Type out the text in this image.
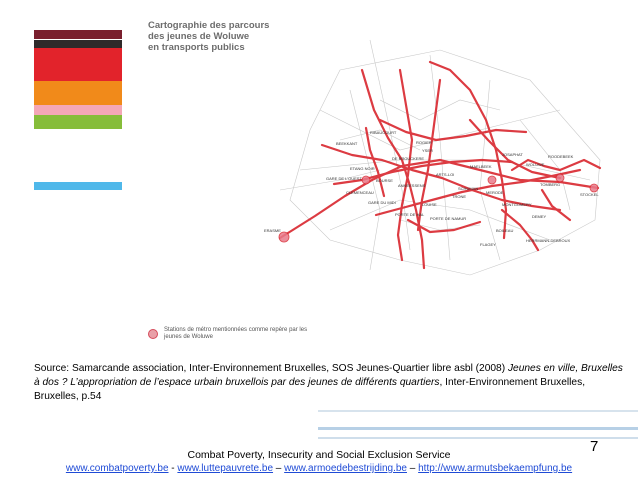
Cartographie des parcours
des jeunes de Woluwe
en transports publics
ERASME
BEEKKANT
ETANG NOIR
DE BROUCKERE
BOURSE
ANNEESSENS
GARE DU MIDI
PORTE DE HAL
LOUISE
ARTS-LOI
MAELBEEK
SCHUMAN
MERODE
JOSAPHAT
WOLUWE
TOMBERG
ROODEBEEK
STOCKEL
DEMEY
HERRMANN-DEBROUX
BOILEAU
TRONE
ROGIER
YSER
MONTGOMERY
PORTE DE NAMUR
RIBAUCOURT
GARE DE L'OUEST
FLAGEY
CLEMENCEAU
Stations de métro mentionnées comme repère par les jeunes de Woluwe
Source: Samarcande association, Inter-Environnement Bruxelles, SOS Jeunes-Quartier libre asbl (2008) Jeunes en ville, Bruxelles à dos ? L’appropriation de l’espace urbain bruxellois par des jeunes de différents quartiers, Inter-Environnement Bruxelles, Bruxelles, p.54
7
Combat Poverty, Insecurity and Social Exclusion Service
www.combatpoverty.be - www.luttepauvrete.be – www.armoedebestrijding.be – http://www.armutsbekaempfung.be
